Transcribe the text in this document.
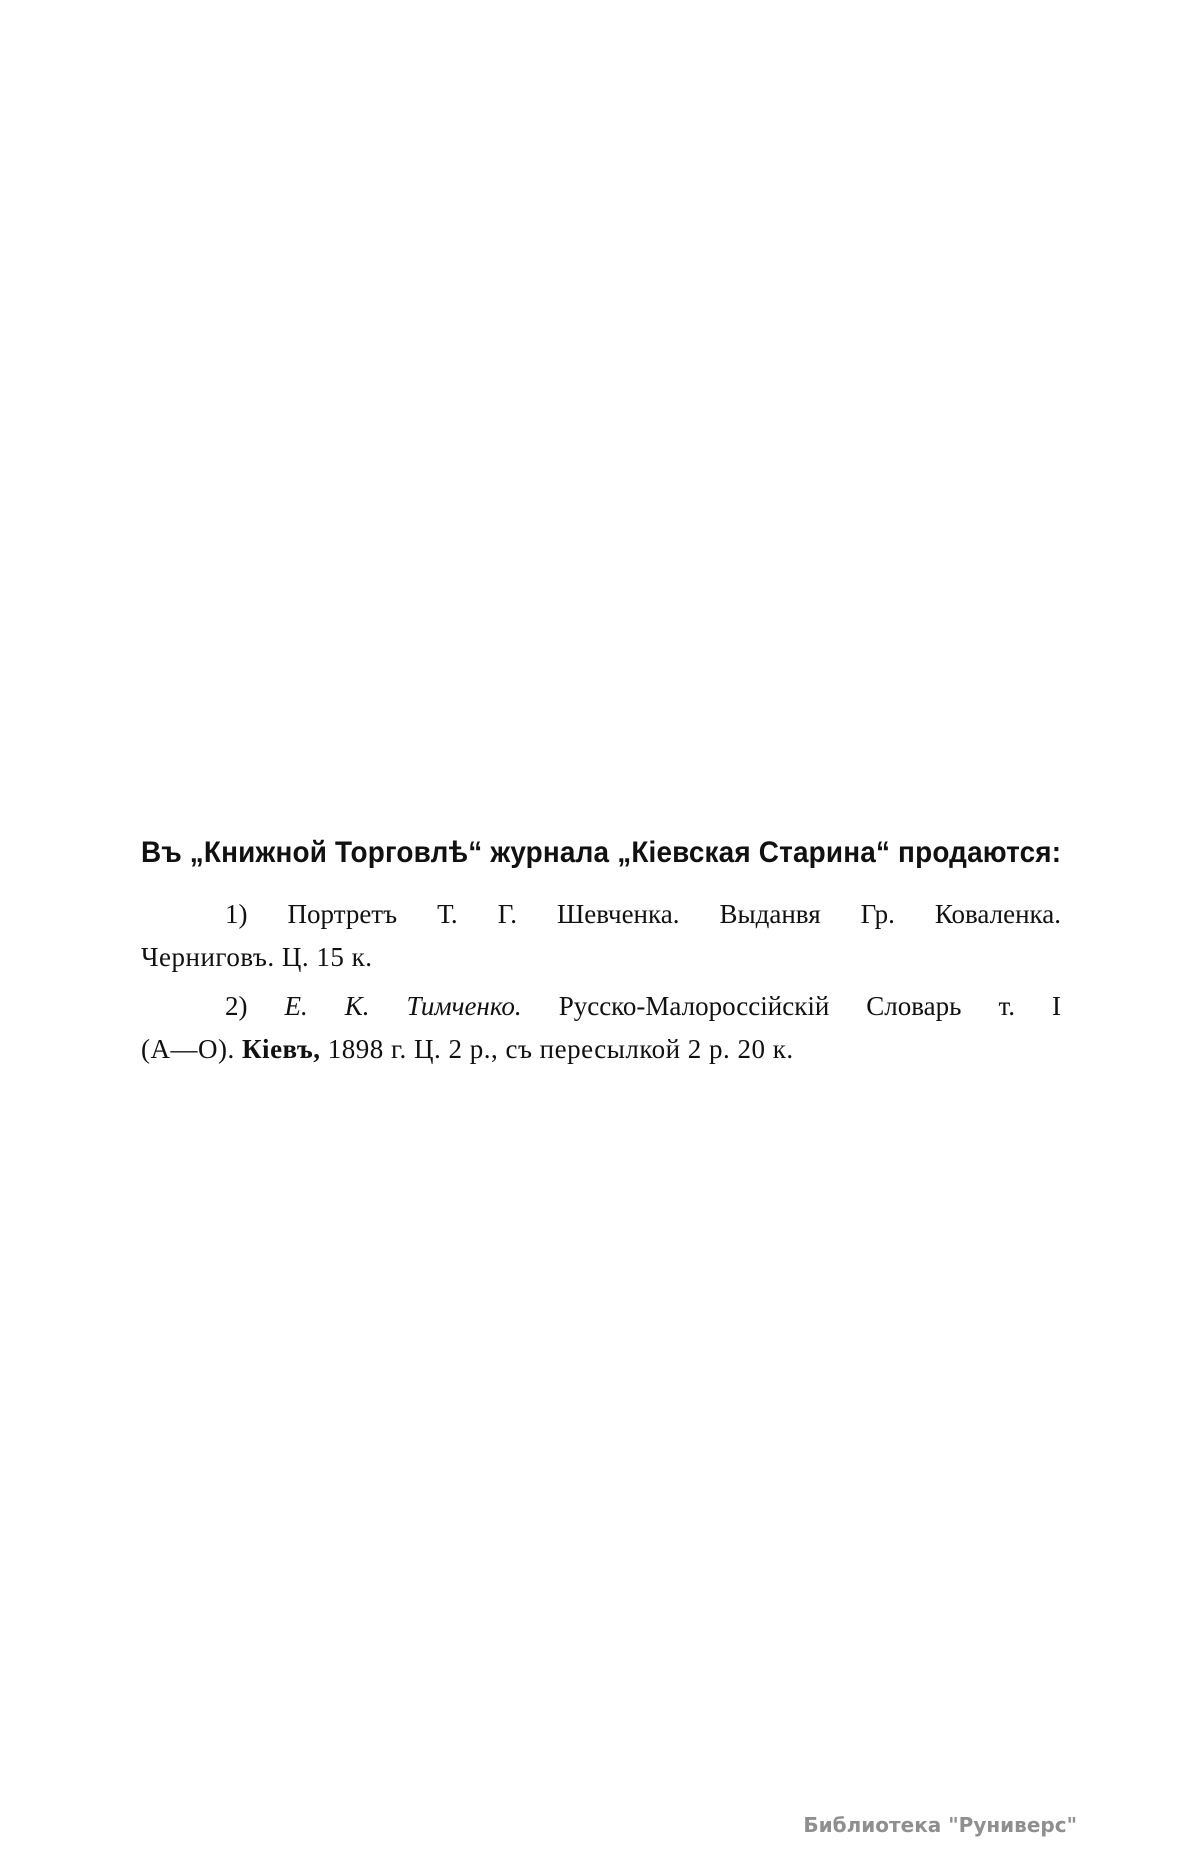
Въ „Книжной Торговлѣ“ журнала „Кіевская Старина“ продаются:
1) Портретъ Т. Г. Шевченка. Выданвя Гр. Коваленка.
Черниговъ. Ц. 15 к.
2) Е. К. Тимченко. Русско-Малороссійскій Словарь т. I
(А—О). Кіевъ, 1898 г. Ц. 2 р., съ пересылкой 2 р. 20 к.
Библиотека "Руниверс"
